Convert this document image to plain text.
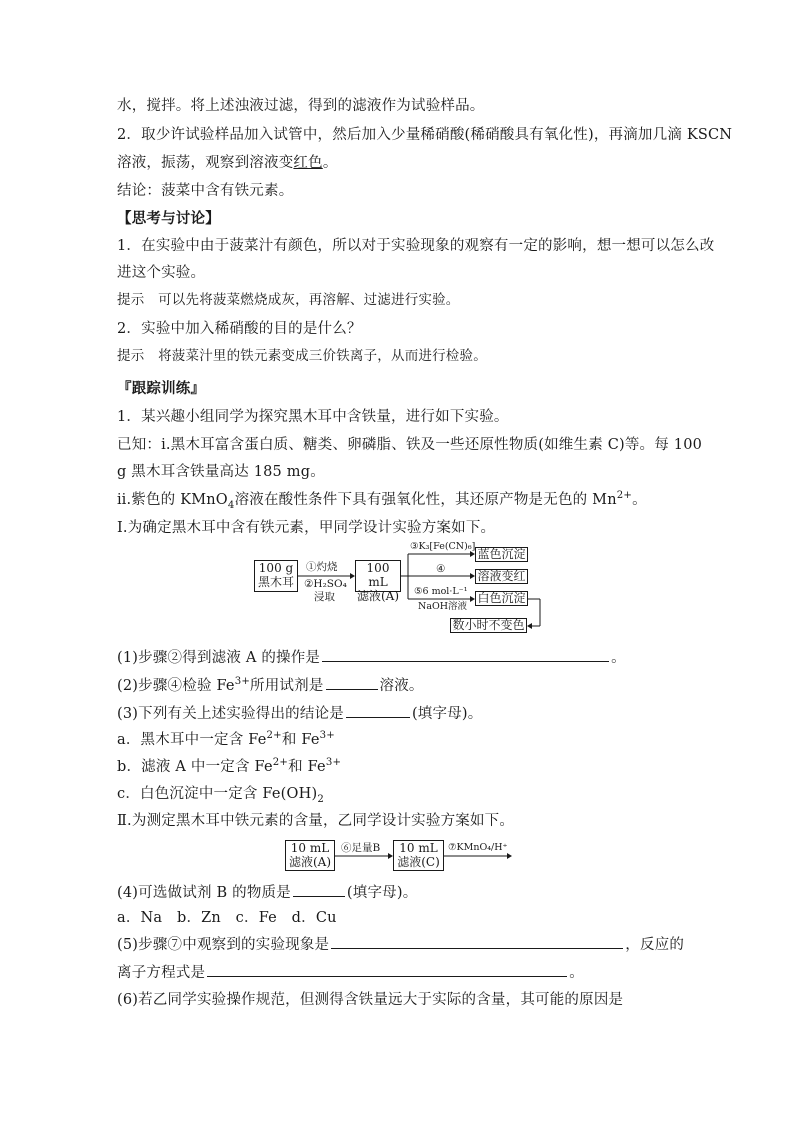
水，搅拌。将上述浊液过滤，得到的滤液作为试验样品。
2．取少许试验样品加入试管中，然后加入少量稀硝酸(稀硝酸具有氧化性)，再滴加几滴 KSCN
溶液，振荡，观察到溶液变红色。
结论：菠菜中含有铁元素。
【思考与讨论】
1．在实验中由于菠菜汁有颜色，所以对于实验现象的观察有一定的影响，想一想可以怎么改
进这个实验。
提示　可以先将菠菜燃烧成灰，再溶解、过滤进行实验。
2．实验中加入稀硝酸的目的是什么？
提示　将菠菜汁里的铁元素变成三价铁离子，从而进行检验。
『跟踪训练』
1．某兴趣小组同学为探究黑木耳中含铁量，进行如下实验。
已知：ⅰ.黑木耳富含蛋白质、糖类、卵磷脂、铁及一些还原性物质(如维生素 C)等。每 100
g 黑木耳含铁量高达 185 mg。
ⅱ.紫色的 KMnO$_4$溶液在酸性条件下具有强氧化性，其还原产物是无色的 $Mn^{2+}$。
Ⅰ.为确定黑木耳中含有铁元素，甲同学设计实验方案如下。
100 g
黑木耳
①灼烧
②H₂SO₄
浸取
100 mL
滤液(A)
③K₃[Fe(CN)₆]
④
⑤6 mol·L⁻¹
NaOH溶液
蓝色沉淀
溶液变红
白色沉淀
数小时不变色
(1)步骤②得到滤液 A 的操作是	。
(2)步骤④检验 $Fe^{3+}$所用试剂是	溶液。
(3)下列有关上述实验得出的结论是	(填字母)。
a．黑木耳中一定含 $Fe^{2+}$和 $Fe^{3+}$
b．滤液 A 中一定含 $Fe^{2+}$和 $Fe^{3+}$
c．白色沉淀中一定含 $Fe(OH)_2$
Ⅱ.为测定黑木耳中铁元素的含量，乙同学设计实验方案如下。
10 mL
滤液(A)
⑥足量B	10 mL
滤液(C)
⑦KMnO₄/H⁺
(4)可选做试剂 B 的物质是	(填字母)。
a．Na　b．Zn　c．Fe　d．Cu
(5)步骤⑦中观察到的实验现象是	，反应的
离子方程式是	。
(6)若乙同学实验操作规范，但测得含铁量远大于实际的含量，其可能的原因是
